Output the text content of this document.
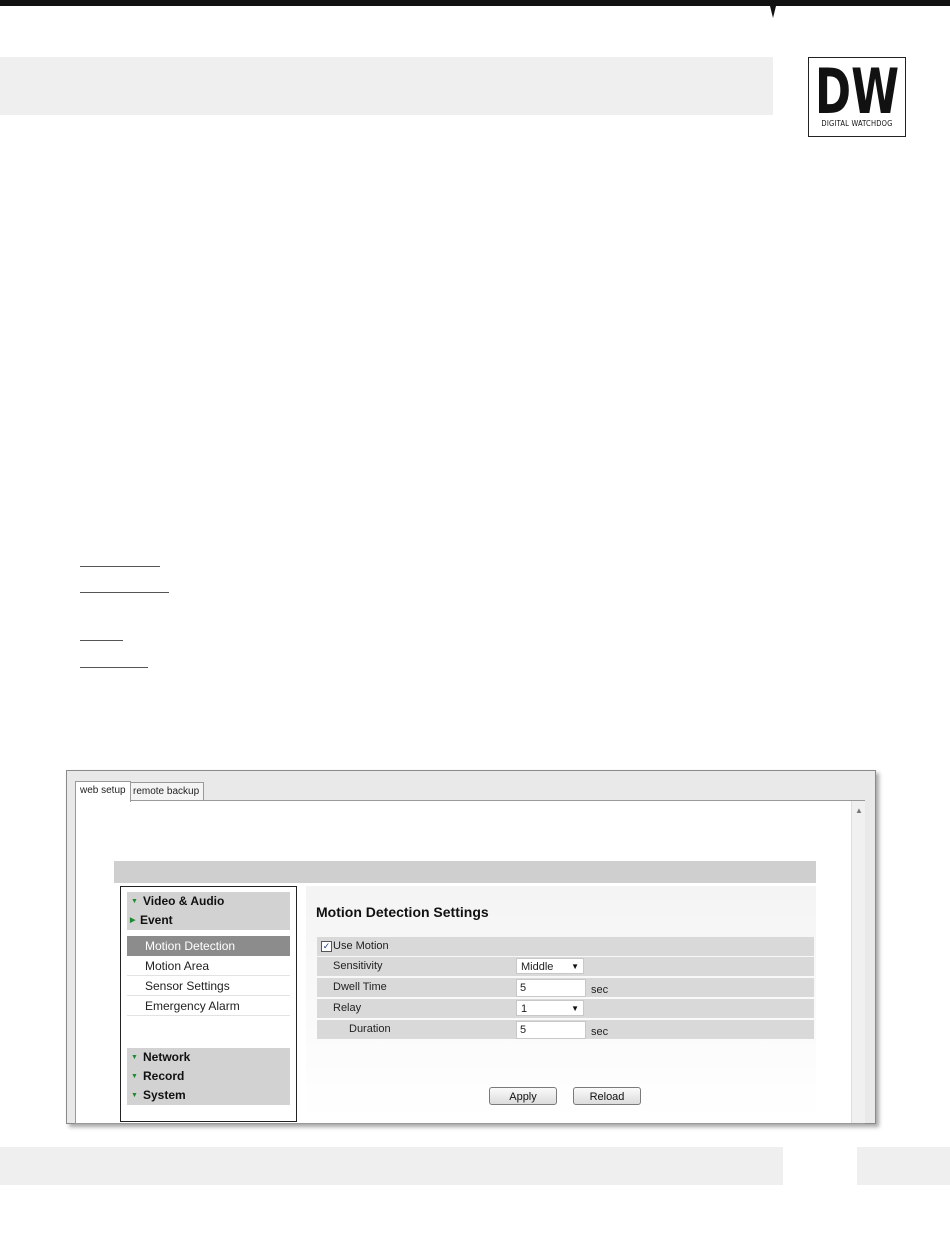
DW
DIGITAL WATCHDOG
web setup remote backup
▲
▼ Video & Audio
▶ Event
Motion Detection
Motion Area
Sensor Settings
Emergency Alarm
▼ Network
▼ Record
▼ System
Motion Detection Settings
✓ Use Motion
Sensitivity	Middle ▼
Dwell Time	5	sec
Relay	1	▼
Duration	5	sec
Apply	Reload
